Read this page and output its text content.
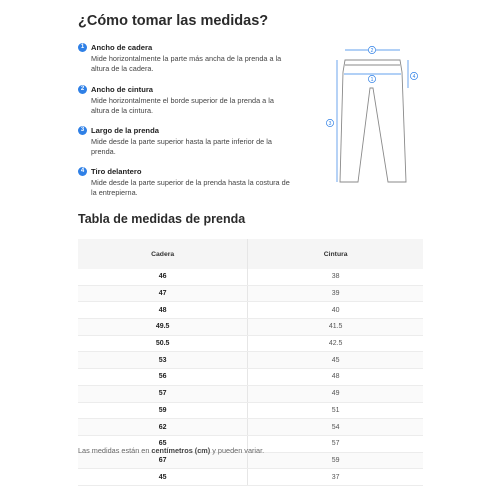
¿Cómo tomar las medidas?
1 Ancho de cadera
Mide horizontalmente la parte más ancha de la prenda a la altura de la cadera.
2 Ancho de cintura
Mide horizontalmente el borde superior de la prenda a la altura de la cintura.
3 Largo de la prenda
Mide desde la parte superior hasta la parte inferior de la prenda.
4 Tiro delantero
Mide desde la parte superior de la prenda hasta la costura de la entrepierna.
1
2
3
4
Tabla de medidas de prenda
Cadera	Cintura
46	38
47	39
48	40
49.5	41.5
50.5	42.5
53	45
56	48
57	49
59	51
62	54
65	57
67	59
45	37

Las medidas están en centímetros (cm) y pueden variar.
